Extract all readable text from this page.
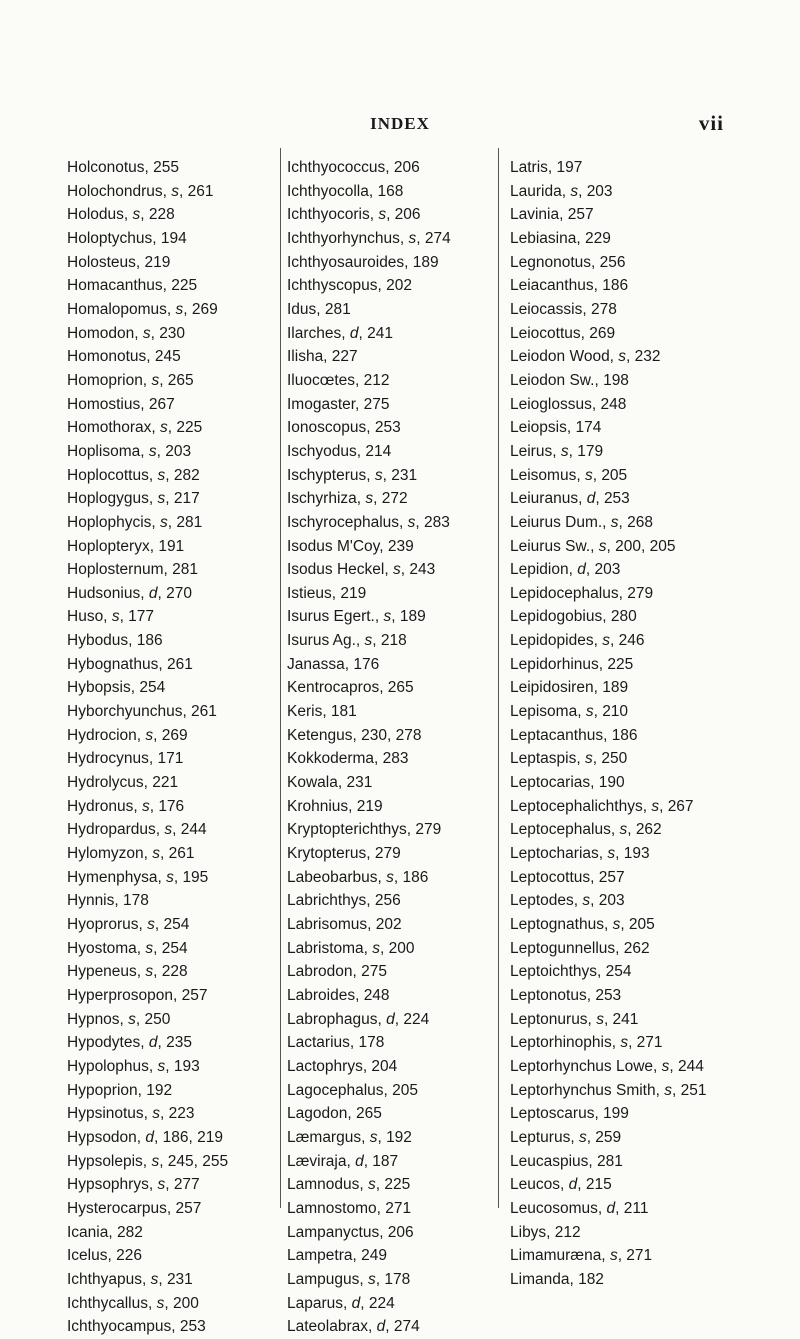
INDEX	vii
Holconotus, 255
Holochondrus, s, 261
Holodus, s, 228
Holoptychus, 194
Holosteus, 219
Homacanthus, 225
Homalopomus, s, 269
Homodon, s, 230
Homonotus, 245
Homoprion, s, 265
Homostius, 267
Homothorax, s, 225
Hoplisoma, s, 203
Hoplocottus, s, 282
Hoplogygus, s, 217
Hoplophycis, s, 281
Hoplopteryx, 191
Hoplosternum, 281
Hudsonius, d, 270
Huso, s, 177
Hybodus, 186
Hybognathus, 261
Hybopsis, 254
Hyborchyunchus, 261
Hydrocion, s, 269
Hydrocynus, 171
Hydrolycus, 221
Hydronus, s, 176
Hydropardus, s, 244
Hylomyzon, s, 261
Hymenphysa, s, 195
Hynnis, 178
Hyoprorus, s, 254
Hyostoma, s, 254
Hypeneus, s, 228
Hyperprosopon, 257
Hypnos, s, 250
Hypodytes, d, 235
Hypolophus, s, 193
Hypoprion, 192
Hypsinotus, s, 223
Hypsodon, d, 186, 219
Hypsolepis, s, 245, 255
Hypsophrys, s, 277
Hysterocarpus, 257
Icania, 282
Icelus, 226
Ichthyapus, s, 231
Ichthycallus, s, 200
Ichthyocampus, 253
Ichthyococcus, 206
Ichthyocolla, 168
Ichthyocoris, s, 206
Ichthyorhynchus, s, 274
Ichthyosauroides, 189
Ichthyscopus, 202
Idus, 281
Ilarches, d, 241
Ilisha, 227
Iluocœtes, 212
Imogaster, 275
Ionoscopus, 253
Ischyodus, 214
Ischypterus, s, 231
Ischyrhiza, s, 272
Ischyrocephalus, s, 283
Isodus M'Coy, 239
Isodus Heckel, s, 243
Istieus, 219
Isurus Egert., s, 189
Isurus Ag., s, 218
Janassa, 176
Kentrocapros, 265
Keris, 181
Ketengus, 230, 278
Kokkoderma, 283
Kowala, 231
Krohnius, 219
Kryptopterichthys, 279
Krytopterus, 279
Labeobarbus, s, 186
Labrichthys, 256
Labrisomus, 202
Labristoma, s, 200
Labrodon, 275
Labroides, 248
Labrophagus, d, 224
Lactarius, 178
Lactophrys, 204
Lagocephalus, 205
Lagodon, 265
Læmargus, s, 192
Læviraja, d, 187
Lamnodus, s, 225
Lamnostomo, 271
Lampanyctus, 206
Lampetra, 249
Lampugus, s, 178
Laparus, d, 224
Lateolabrax, d, 274
Latris, 197
Laurida, s, 203
Lavinia, 257
Lebiasina, 229
Legnonotus, 256
Leiacanthus, 186
Leiocassis, 278
Leiocottus, 269
Leiodon Wood, s, 232
Leiodon Sw., 198
Leioglossus, 248
Leiopsis, 174
Leirus, s, 179
Leisomus, s, 205
Leiuranus, d, 253
Leiurus Dum., s, 268
Leiurus Sw., s, 200, 205
Lepidion, d, 203
Lepidocephalus, 279
Lepidogobius, 280
Lepidopides, s, 246
Lepidorhinus, 225
Leipidosiren, 189
Lepisoma, s, 210
Leptacanthus, 186
Leptaspis, s, 250
Leptocarias, 190
Leptocephalichthys, s, 267
Leptocephalus, s, 262
Leptocharias, s, 193
Leptocottus, 257
Leptodes, s, 203
Leptognathus, s, 205
Leptogunnellus, 262
Leptoichthys, 254
Leptonotus, 253
Leptonurus, s, 241
Leptorhinophis, s, 271
Leptorhynchus Lowe, s, 244
Leptorhynchus Smith, s, 251
Leptoscarus, 199
Lepturus, s, 259
Leucaspius, 281
Leucos, d, 215
Leucosomus, d, 211
Libys, 212
Limamuræna, s, 271
Limanda, 182
